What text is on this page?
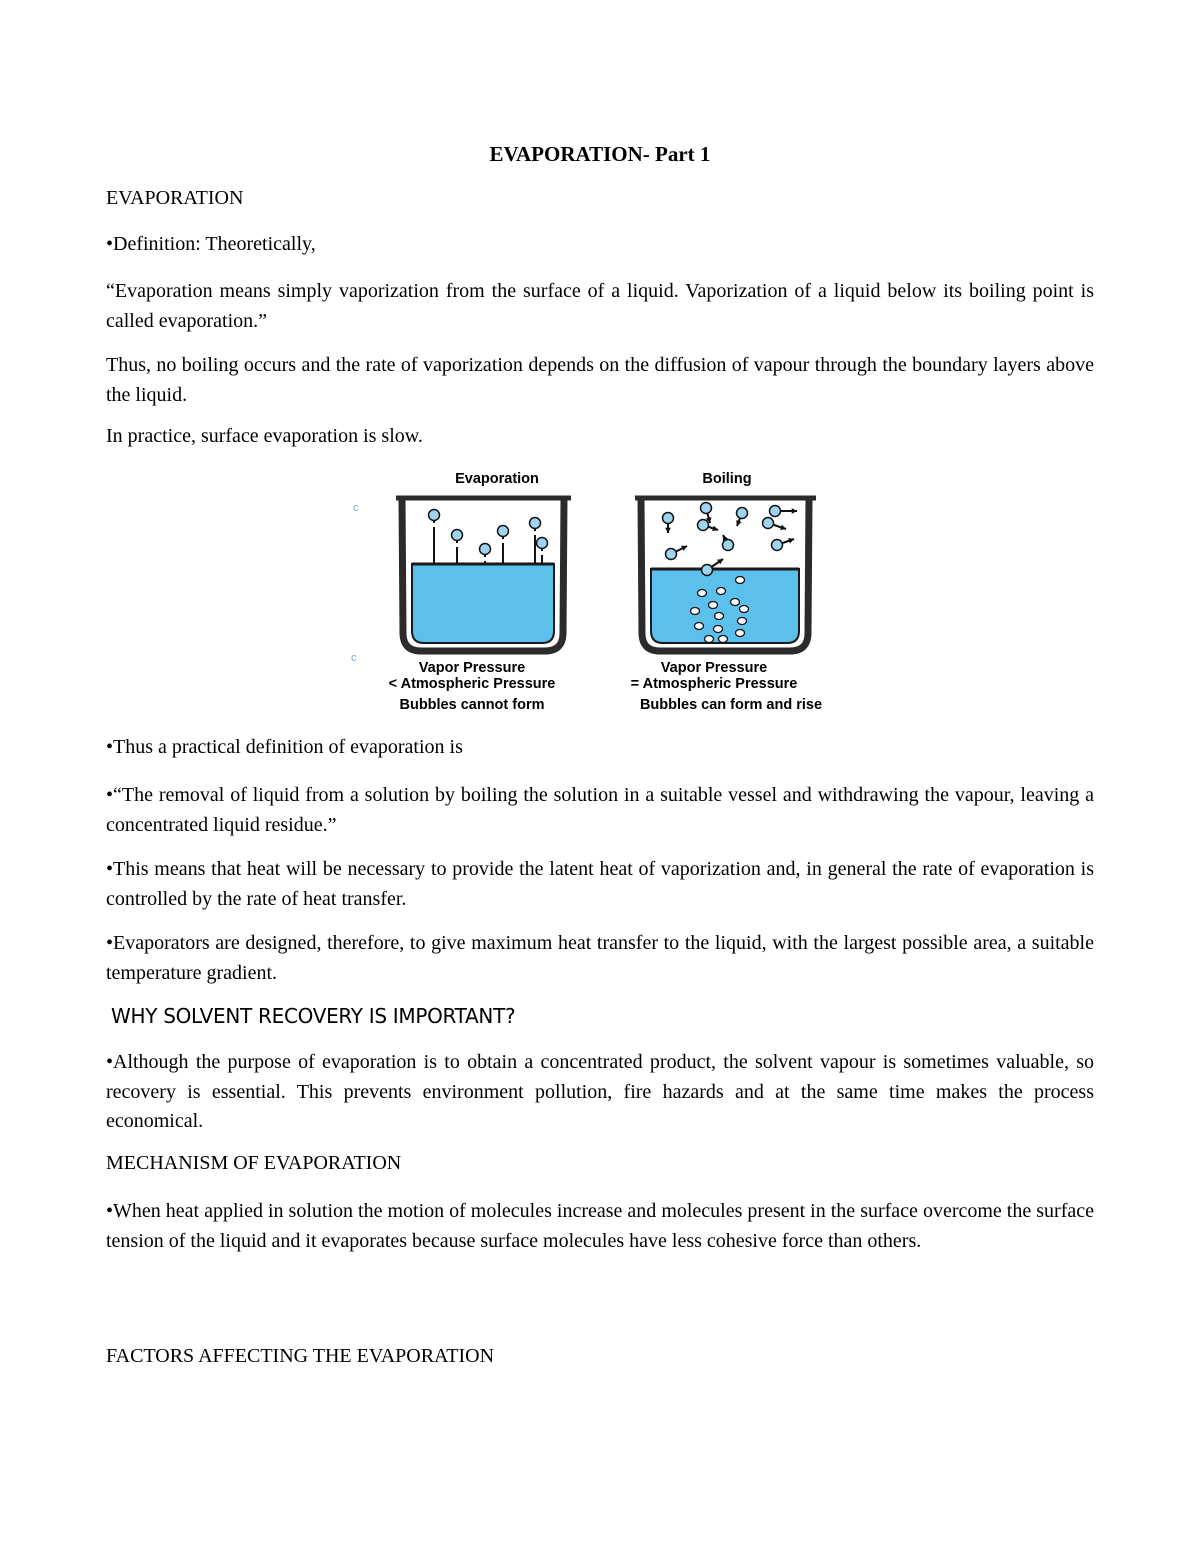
EVAPORATION- Part 1

EVAPORATION

•Definition: Theoretically,

“Evaporation means simply vaporization from the surface of a liquid. Vaporization of a liquid below its boiling point is called evaporation.”

Thus, no boiling occurs and the rate of vaporization depends on the diffusion of vapour through the boundary layers above the liquid.

In practice, surface evaporation is slow.

c
c
Evaporation	Boiling
Vapor Pressure
< Atmospheric Pressure
Bubbles cannot form
Vapor Pressure
= Atmospheric Pressure
Bubbles can form and rise

•Thus a practical definition of evaporation is

•“The removal of liquid from a solution by boiling the solution in a suitable vessel and withdrawing the vapour, leaving a concentrated liquid residue.”

•This means that heat will be necessary to provide the latent heat of vaporization and, in general the rate of evaporation is controlled by the rate of heat transfer.

•Evaporators are designed, therefore, to give maximum heat transfer to the liquid, with the largest possible area, a suitable temperature gradient.

WHY SOLVENT RECOVERY IS IMPORTANT?

•Although the purpose of evaporation is to obtain a concentrated product, the solvent vapour is sometimes valuable, so recovery is essential. This prevents environment pollution, fire hazards and at the same time makes the process economical.

MECHANISM OF EVAPORATION

•When heat applied in solution the motion of molecules increase and molecules present in the surface overcome the surface tension of the liquid and it evaporates because surface molecules have less cohesive force than others.

FACTORS AFFECTING THE EVAPORATION
